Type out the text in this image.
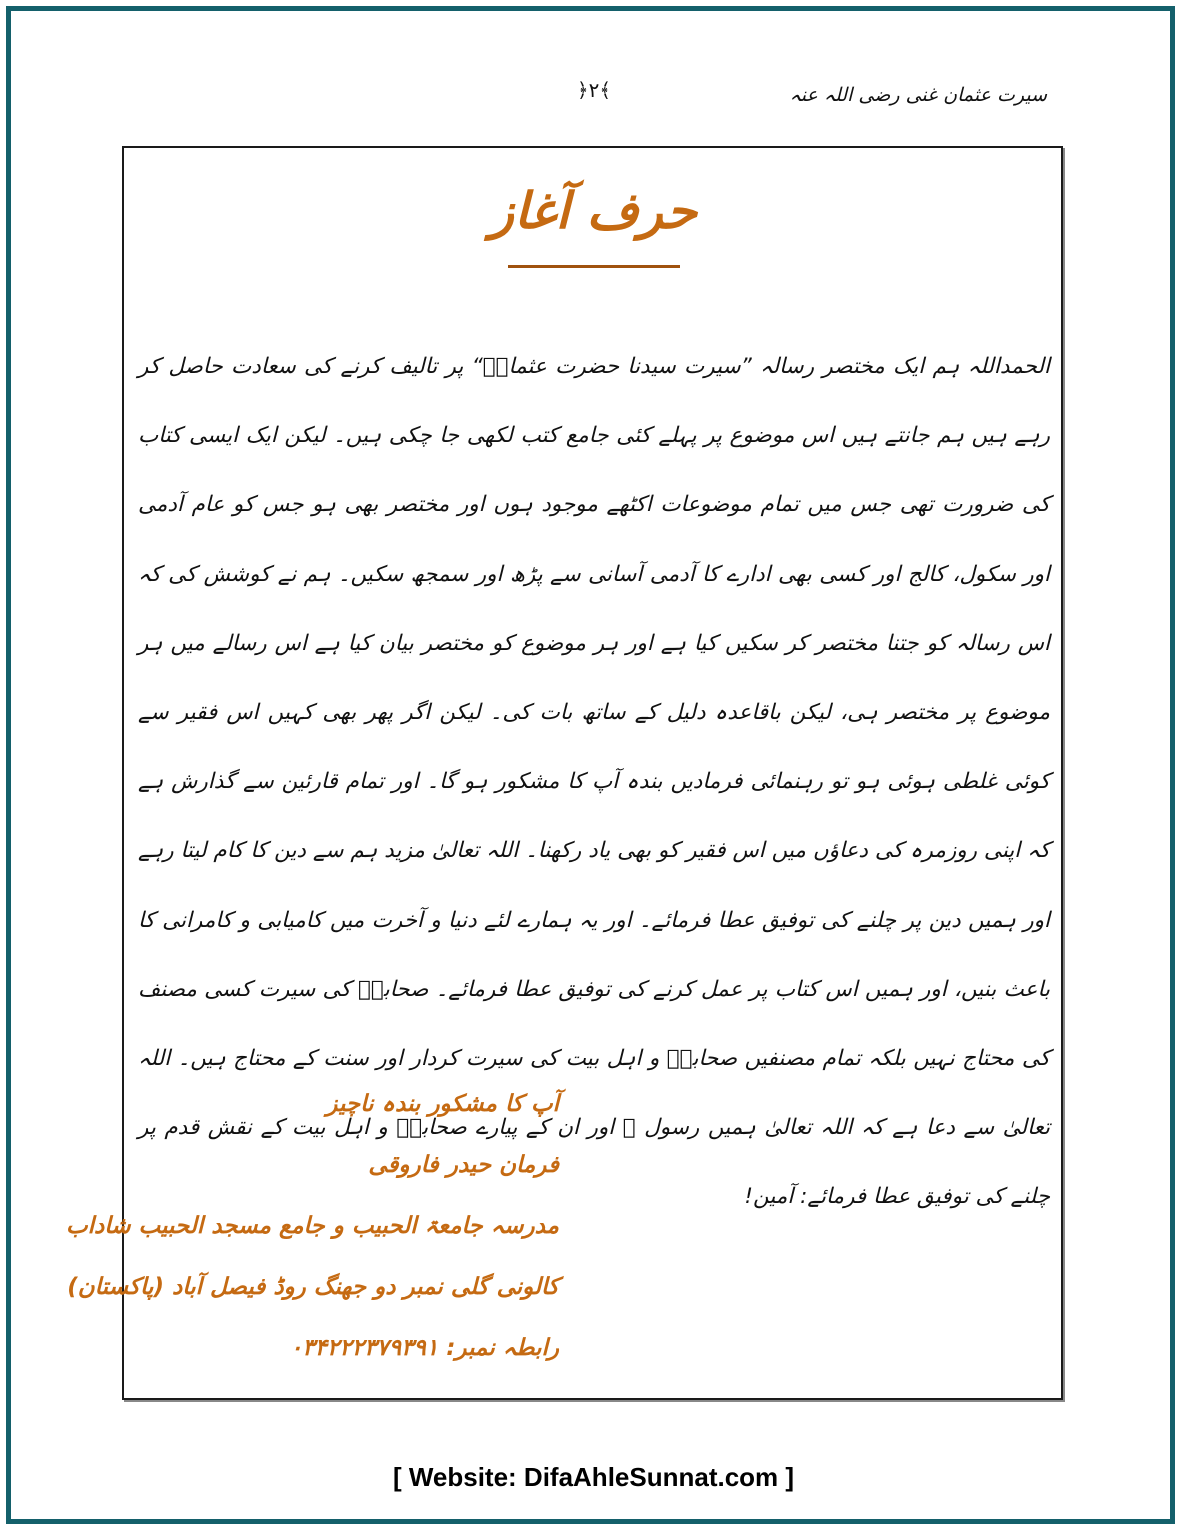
سیرت عثمان غنی رضی اللہ عنہ
﴿۲﴾
حرف آغاز
الحمداللہ ہم ایک مختصر رسالہ ”سیرت سیدنا حضرت عثمانؓ“ پر تالیف کرنے کی سعادت حاصل کر رہے ہیں ہم جانتے ہیں اس موضوع پر پہلے کئی جامع کتب لکھی جا چکی ہیں۔ لیکن ایک ایسی کتاب کی ضرورت تھی جس میں تمام موضوعات اکٹھے موجود ہوں اور مختصر بھی ہو جس کو عام آدمی اور سکول، کالج اور کسی بھی ادارے کا آدمی آسانی سے پڑھ اور سمجھ سکیں۔ ہم نے کوشش کی کہ اس رسالہ کو جتنا مختصر کر سکیں کیا ہے اور ہر موضوع کو مختصر بیان کیا ہے اس رسالے میں ہر موضوع پر مختصر ہی، لیکن باقاعدہ دلیل کے ساتھ بات کی۔ لیکن اگر پھر بھی کہیں اس فقیر سے کوئی غلطی ہوئی ہو تو رہنمائی فرمادیں بندہ آپ کا مشکور ہو گا۔ اور تمام قارئین سے گذارش ہے کہ اپنی روزمرہ کی دعاؤں میں اس فقیر کو بھی یاد رکھنا۔ اللہ تعالیٰ مزید ہم سے دین کا کام لیتا رہے اور ہمیں دین پر چلنے کی توفیق عطا فرمائے۔ اور یہ ہمارے لئے دنیا و آخرت میں کامیابی و کامرانی کا باعث بنیں، اور ہمیں اس کتاب پر عمل کرنے کی توفیق عطا فرمائے۔ صحابہؓ کی سیرت کسی مصنف کی محتاج نہیں بلکہ تمام مصنفیں صحابہؓ و اہل بیت کی سیرت کردار اور سنت کے محتاج ہیں۔ اللہ تعالیٰ سے دعا ہے کہ اللہ تعالیٰ ہمیں رسول ﷺ اور ان کے پیارے صحابہؓ و اہل بیت کے نقش قدم پر چلنے کی توفیق عطا فرمائے: آمین!
آپ کا مشکور بندہ ناچیز
فرمان حیدر فاروقی
مدرسہ جامعۃ الحبیب و جامع مسجد الحبیب شاداب
کالونی گلی نمبر دو جھنگ روڈ فیصل آباد (پاکستان)
رابطہ نمبر: ۰۳۴۲۲۲۳۷۹۳۹۱
[ Website: DifaAhleSunnat.com ]
